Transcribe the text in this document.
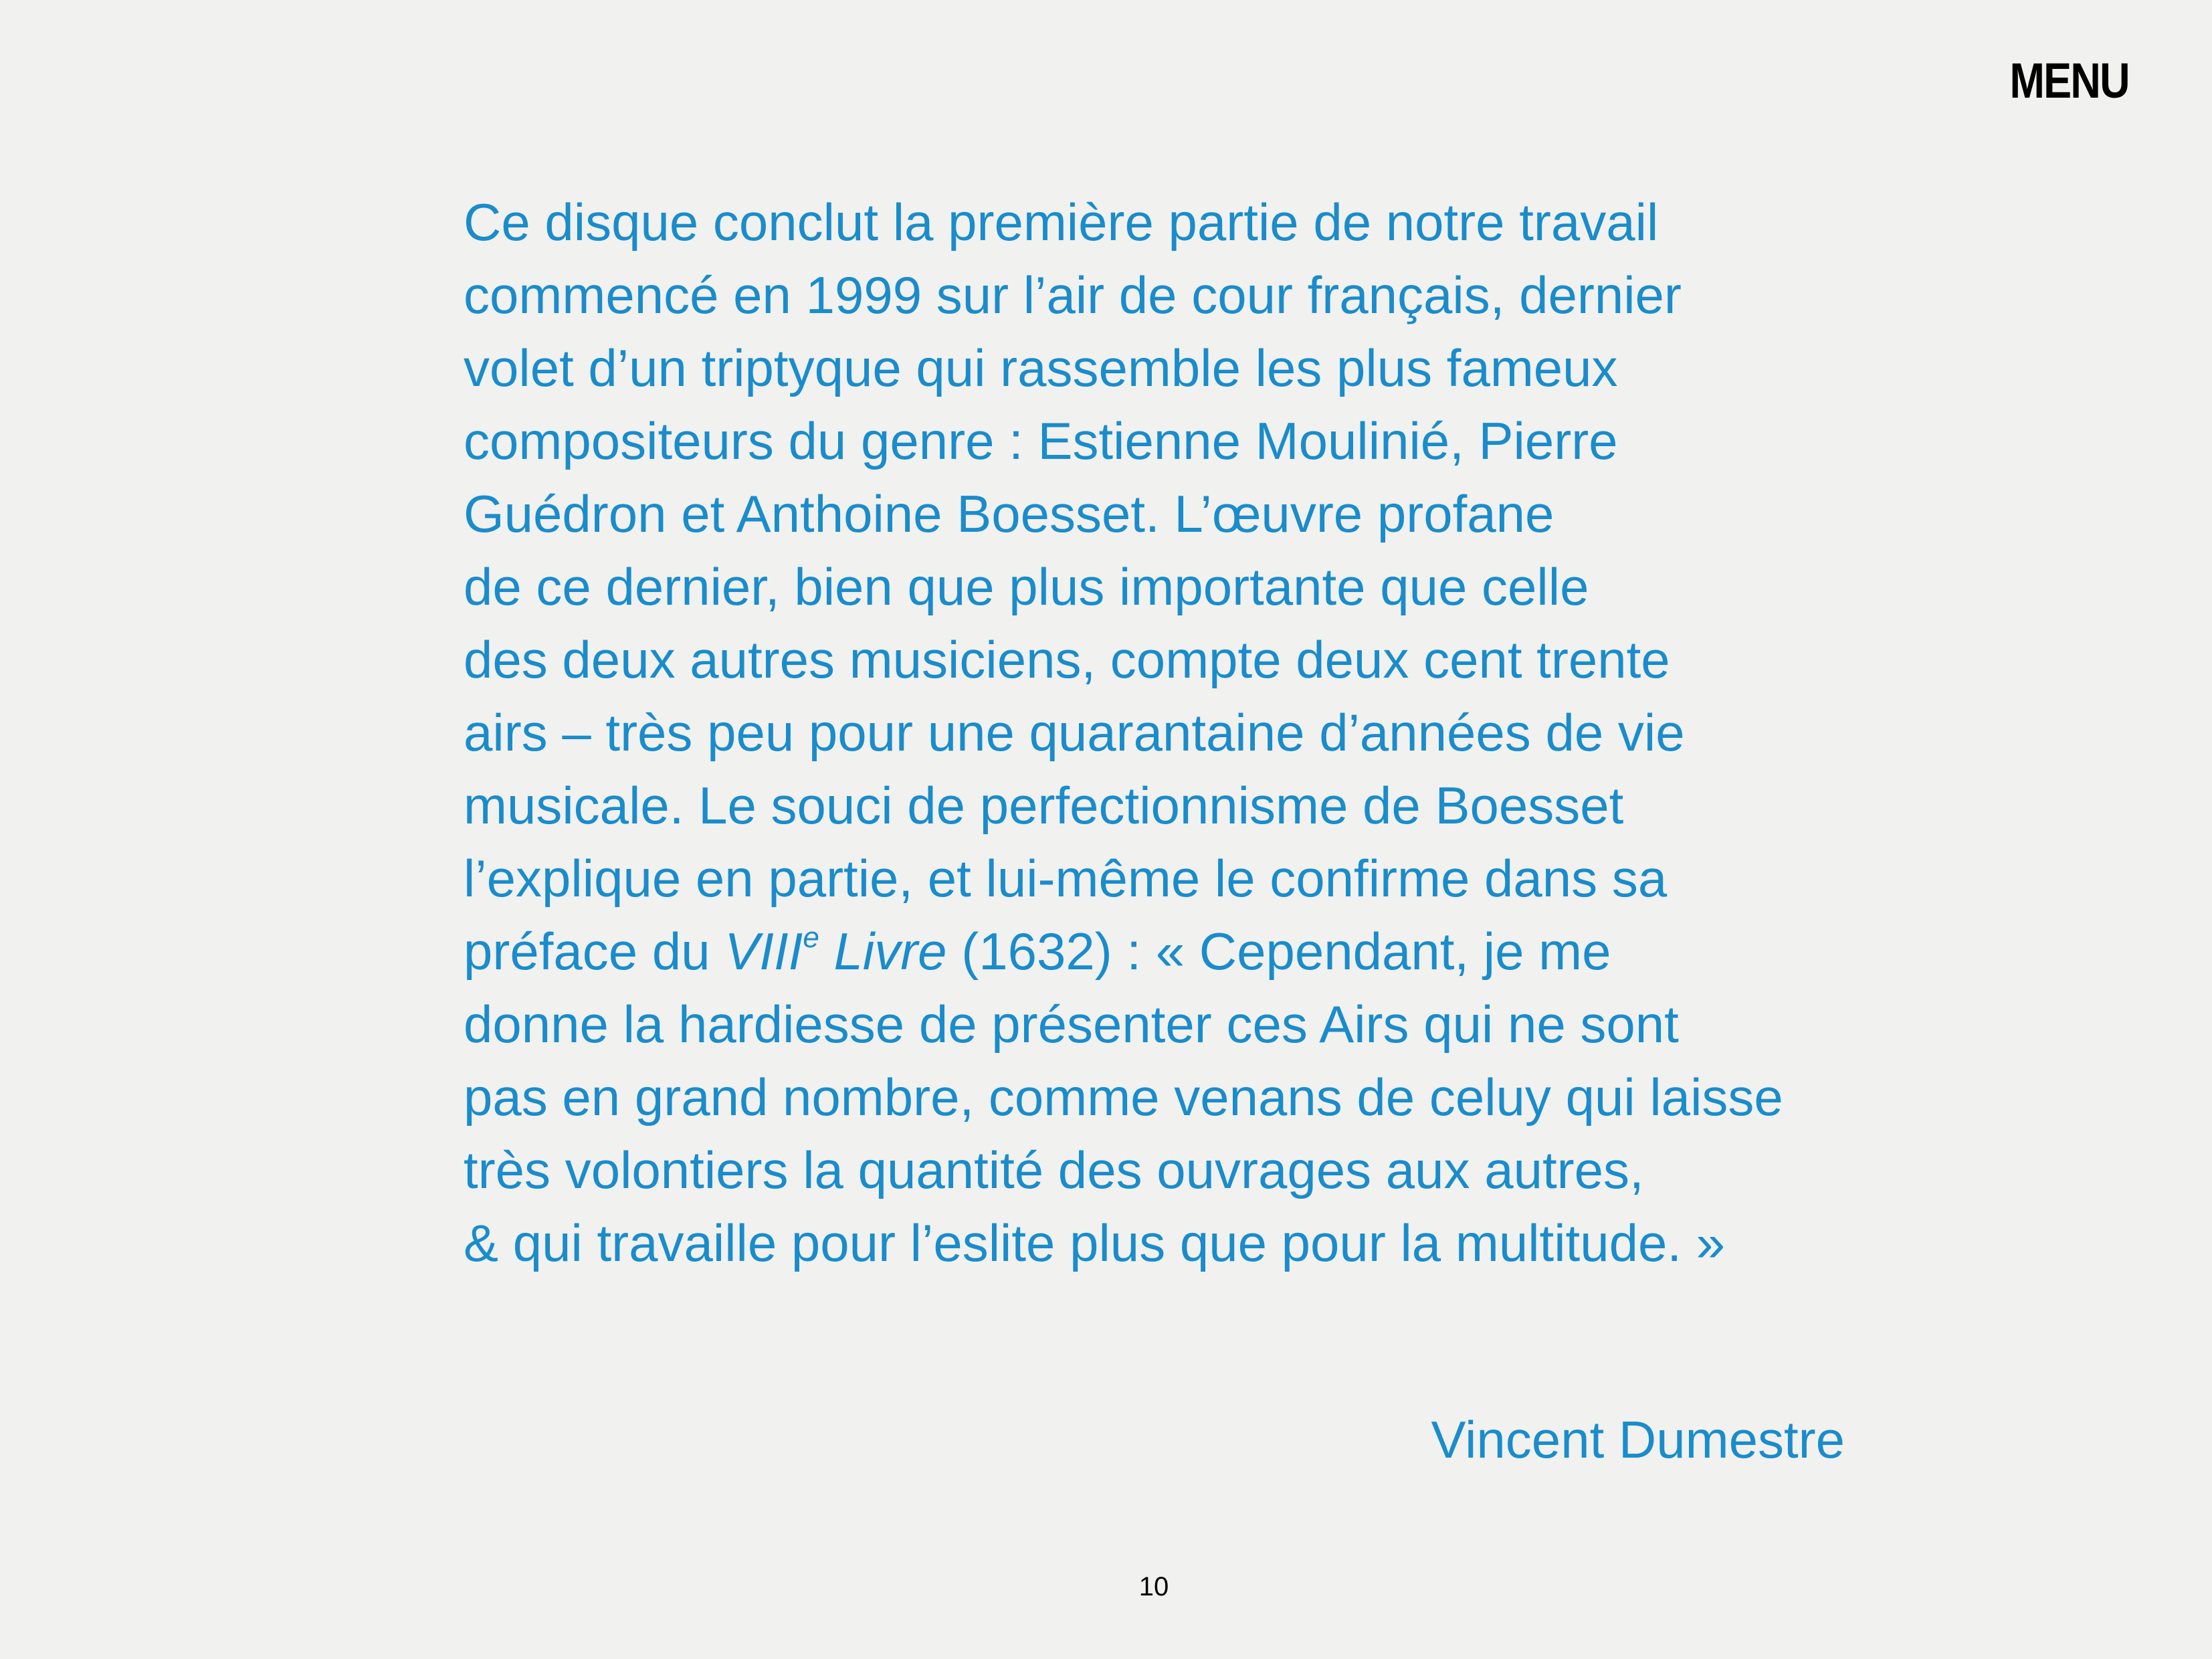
MENU

Ce disque conclut la première partie de notre travail
commencé en 1999 sur l’air de cour français, dernier
volet d’un triptyque qui rassemble les plus fameux
compositeurs du genre : Estienne Moulinié, Pierre
Guédron et Anthoine Boesset. L’œuvre profane
de ce dernier, bien que plus importante que celle
des deux autres musiciens, compte deux cent trente
airs – très peu pour une quarantaine d’années de vie
musicale. Le souci de perfectionnisme de Boesset
l’explique en partie, et lui-même le confirme dans sa
préface du VIIIe Livre (1632) : « Cependant, je me
donne la hardiesse de présenter ces Airs qui ne sont
pas en grand nombre, comme venans de celuy qui laisse
très volontiers la quantité des ouvrages aux autres,
& qui travaille pour l’eslite plus que pour la multitude. »

Vincent Dumestre
10
